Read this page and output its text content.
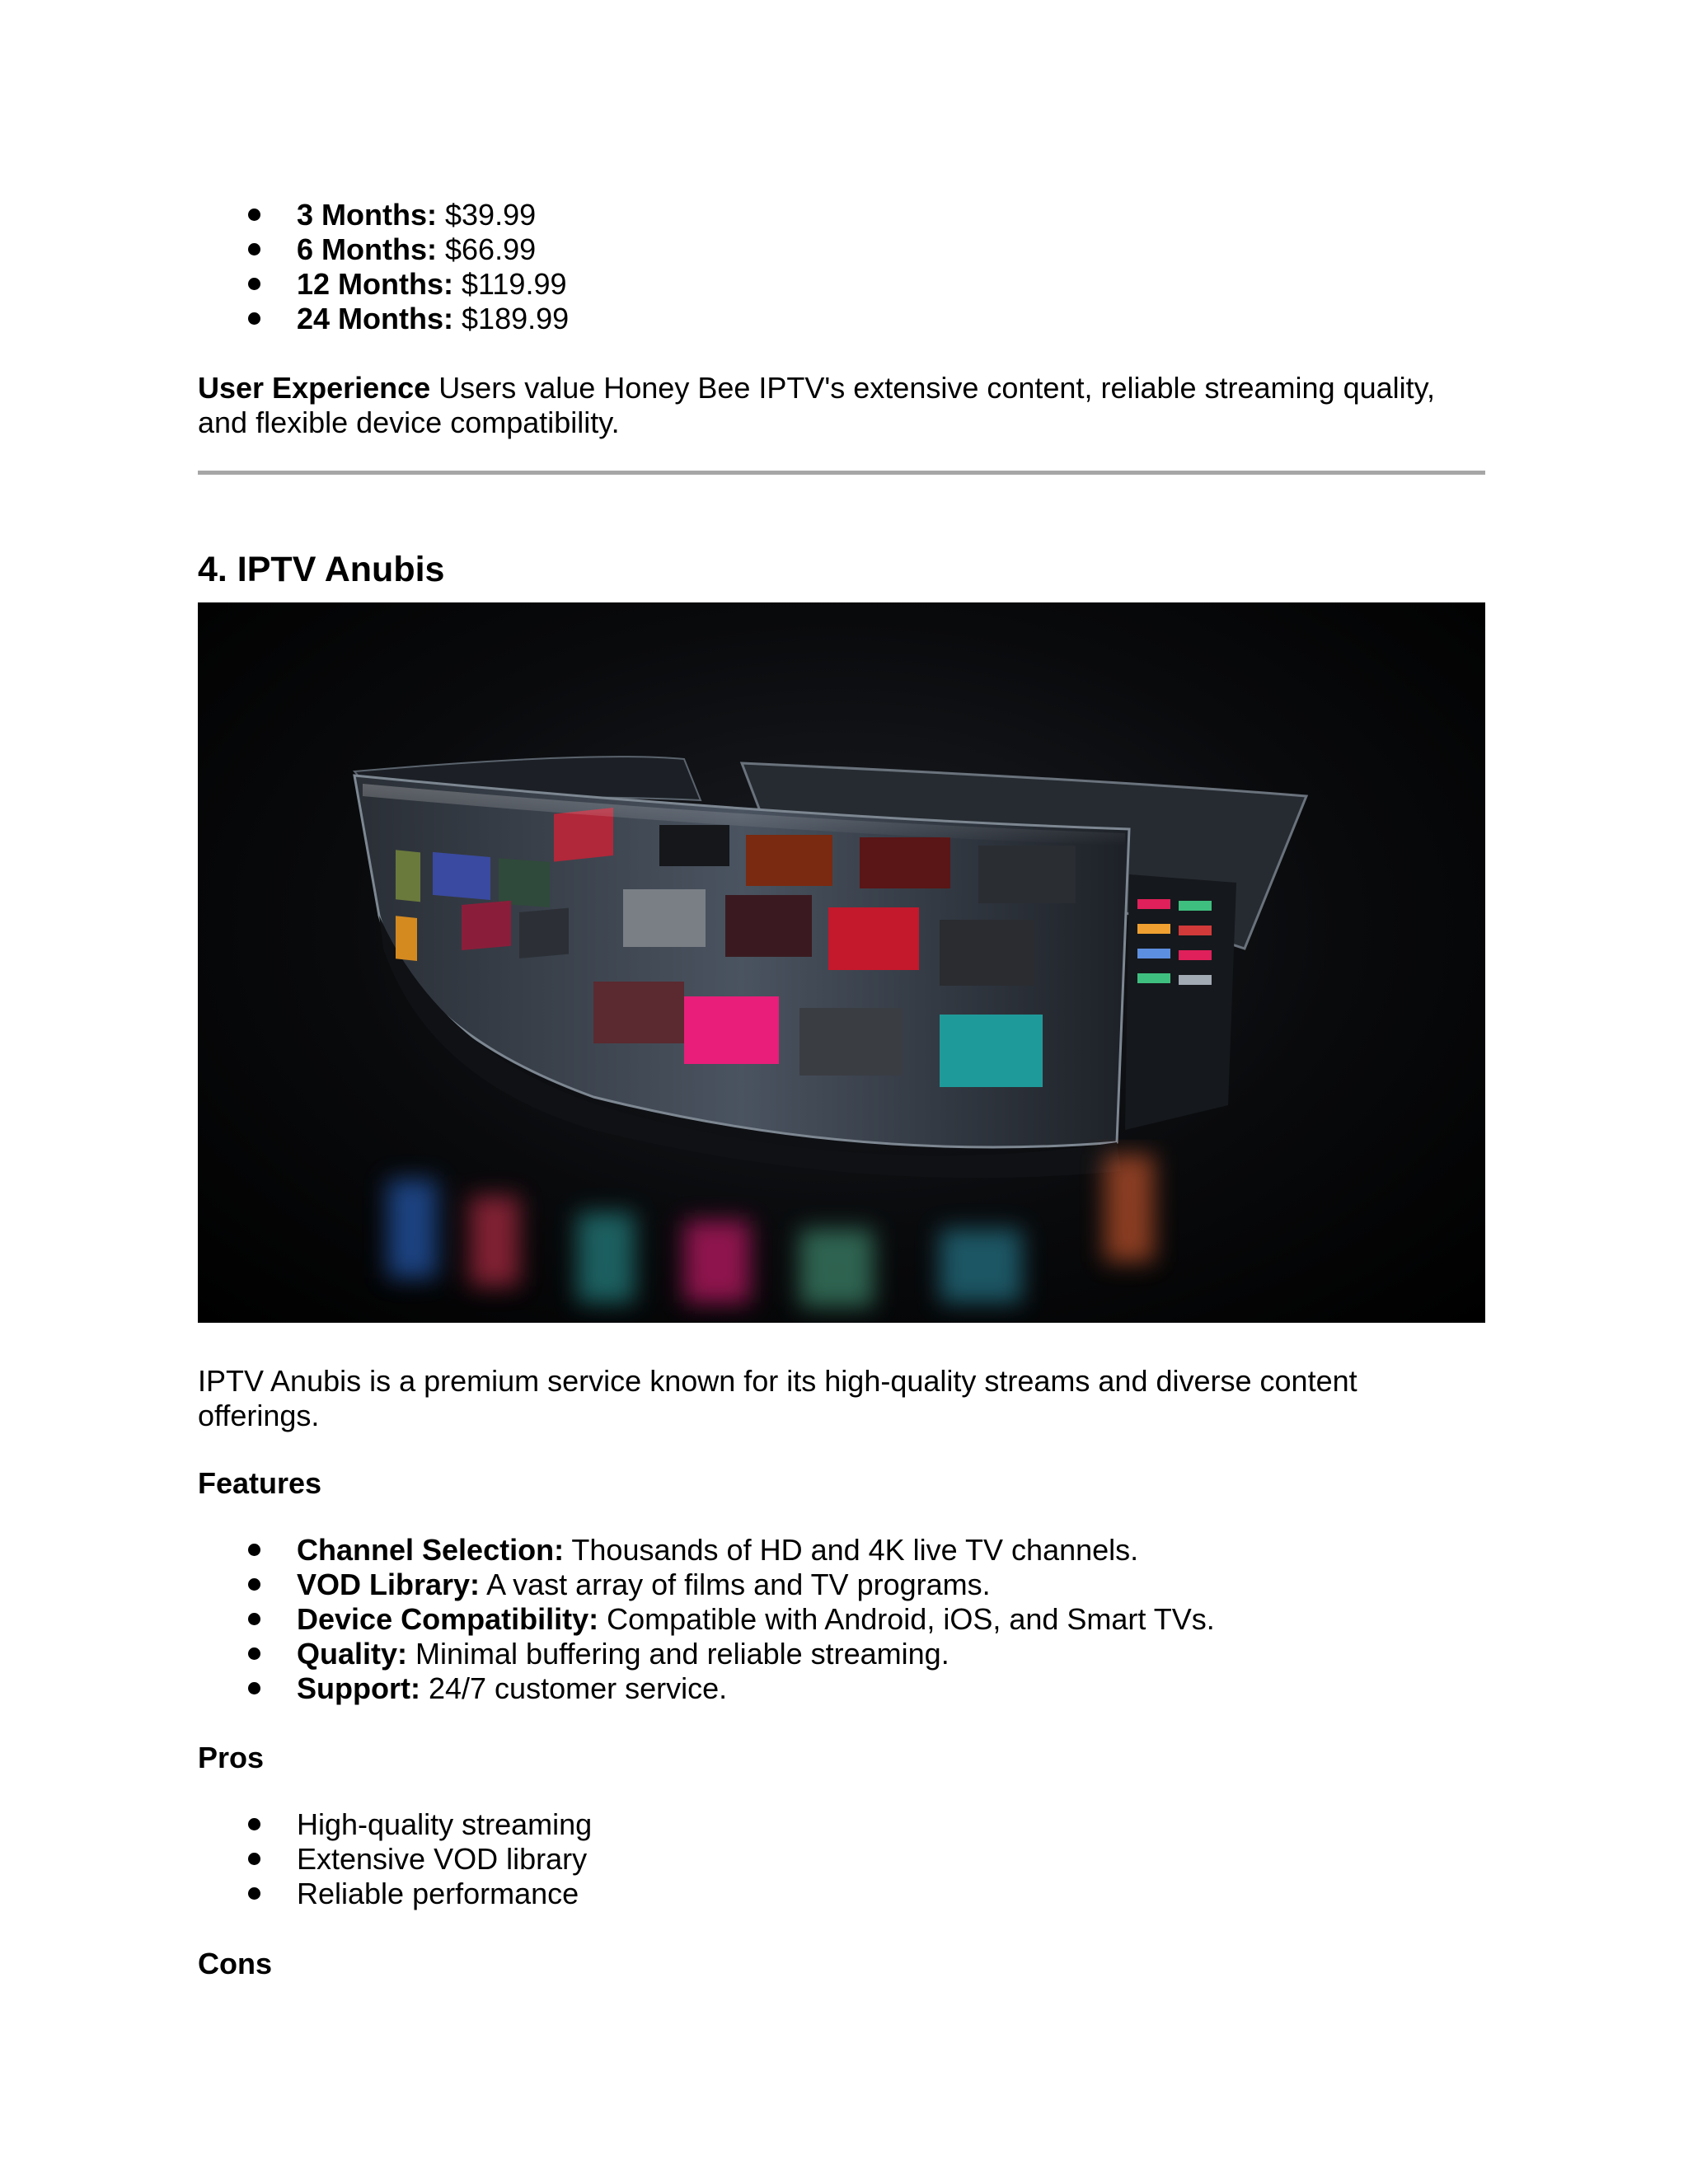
3 Months: $39.99
6 Months: $66.99
12 Months: $119.99
24 Months: $189.99

User Experience Users value Honey Bee IPTV's extensive content, reliable streaming quality, and flexible device compatibility.

4. IPTV Anubis

IPTV Anubis is a premium service known for its high-quality streams and diverse content offerings.

Features
Channel Selection: Thousands of HD and 4K live TV channels.
VOD Library: A vast array of films and TV programs.
Device Compatibility: Compatible with Android, iOS, and Smart TVs.
Quality: Minimal buffering and reliable streaming.
Support: 24/7 customer service.
Pros
High-quality streaming
Extensive VOD library
Reliable performance
Cons
